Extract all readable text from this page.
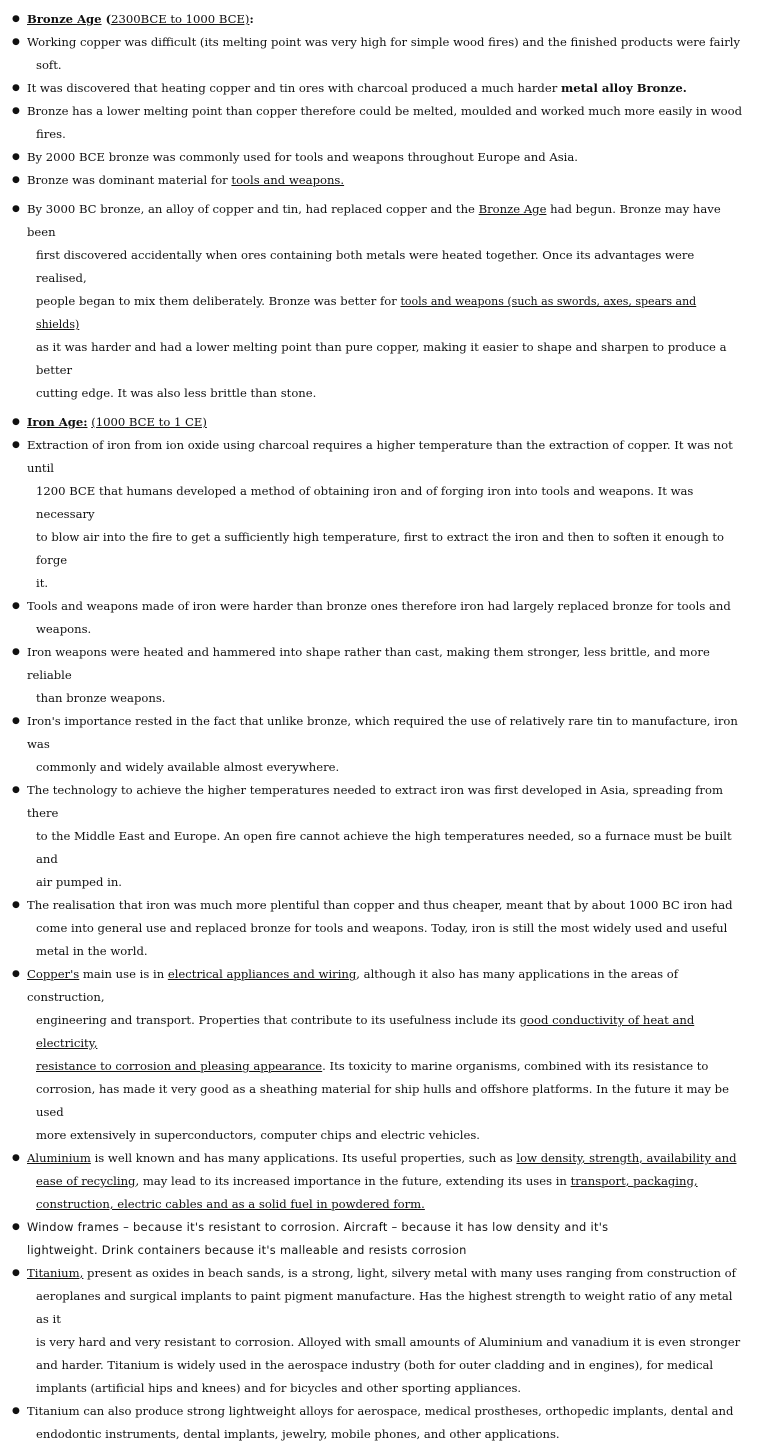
● Bronze Age (2300BCE to 1000 BCE):
● Working copper was difficult (its melting point was very high for simple wood fires) and the finished products were fairly
soft.
● It was discovered that heating copper and tin ores with charcoal produced a much harder metal alloy Bronze.
● Bronze has a lower melting point than copper therefore could be melted, moulded and worked much more easily in wood
fires.
● By 2000 BCE bronze was commonly used for tools and weapons throughout Europe and Asia.
● Bronze was dominant material for tools and weapons.
● By 3000 BC bronze, an alloy of copper and tin, had replaced copper and the Bronze Age had begun. Bronze may have been
first discovered accidentally when ores containing both metals were heated together. Once its advantages were realised,
people began to mix them deliberately. Bronze was better for tools and weapons (such as swords, axes, spears and shields)
as it was harder and had a lower melting point than pure copper, making it easier to shape and sharpen to produce a better
cutting edge. It was also less brittle than stone.
● Iron Age: (1000 BCE to 1 CE)
● Extraction of iron from ion oxide using charcoal requires a higher temperature than the extraction of copper. It was not until
1200 BCE that humans developed a method of obtaining iron and of forging iron into tools and weapons. It was necessary
to blow air into the fire to get a sufficiently high temperature, first to extract the iron and then to soften it enough to forge
it.
● Tools and weapons made of iron were harder than bronze ones therefore iron had largely replaced bronze for tools and
weapons.
● Iron weapons were heated and hammered into shape rather than cast, making them stronger, less brittle, and more reliable
than bronze weapons.
● Iron's importance rested in the fact that unlike bronze, which required the use of relatively rare tin to manufacture, iron was
commonly and widely available almost everywhere.
● The technology to achieve the higher temperatures needed to extract iron was first developed in Asia, spreading from there
to the Middle East and Europe. An open fire cannot achieve the high temperatures needed, so a furnace must be built and
air pumped in.
● The realisation that iron was much more plentiful than copper and thus cheaper, meant that by about 1000 BC iron had
come into general use and replaced bronze for tools and weapons. Today, iron is still the most widely used and useful
metal in the world.
● Copper's main use is in electrical appliances and wiring, although it also has many applications in the areas of construction,
engineering and transport. Properties that contribute to its usefulness include its good conductivity of heat and electricity,
resistance to corrosion and pleasing appearance. Its toxicity to marine organisms, combined with its resistance to
corrosion, has made it very good as a sheathing material for ship hulls and offshore platforms. In the future it may be used
more extensively in superconductors, computer chips and electric vehicles.
● Aluminium is well known and has many applications. Its useful properties, such as low density, strength, availability and
ease of recycling, may lead to its increased importance in the future, extending its uses in transport, packaging,
construction, electric cables and as a solid fuel in powdered form.
● Window frames – because it's resistant to corrosion. Aircraft – because it has low density and it's
lightweight. Drink containers because it's malleable and resists corrosion
● Titanium, present as oxides in beach sands, is a strong, light, silvery metal with many uses ranging from construction of
aeroplanes and surgical implants to paint pigment manufacture. Has the highest strength to weight ratio of any metal as it
is very hard and very resistant to corrosion. Alloyed with small amounts of Aluminium and vanadium it is even stronger
and harder. Titanium is widely used in the aerospace industry (both for outer cladding and in engines), for medical
implants (artificial hips and knees) and for bicycles and other sporting appliances.
● Titanium can also produce strong lightweight alloys for aerospace, medical prostheses, orthopedic implants, dental and
endodontic instruments, dental implants, jewelry, mobile phones, and other applications.
